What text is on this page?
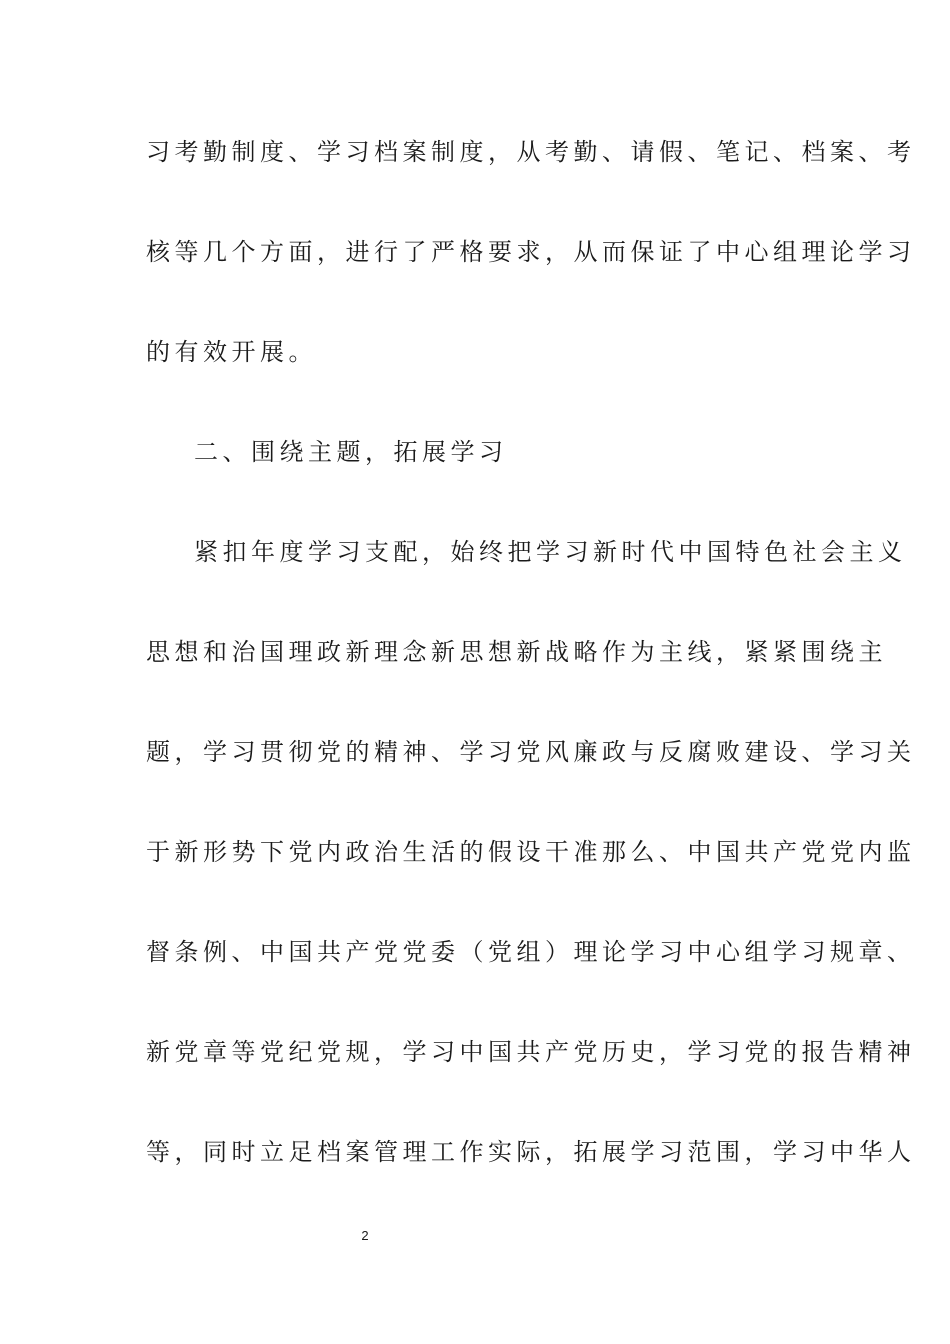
习考勤制度、学习档案制度，从考勤、请假、笔记、档案、考
核等几个方面，进行了严格要求，从而保证了中心组理论学习
的有效开展。
二、围绕主题，拓展学习
紧扣年度学习支配，始终把学习新时代中国特色社会主义
思想和治国理政新理念新思想新战略作为主线，紧紧围绕主
题，学习贯彻党的精神、学习党风廉政与反腐败建设、学习关
于新形势下党内政治生活的假设干准那么、中国共产党党内监
督条例、中国共产党党委（党组）理论学习中心组学习规章、
新党章等党纪党规，学习中国共产党历史，学习党的报告精神
等，同时立足档案管理工作实际，拓展学习范围，学习中华人
2
